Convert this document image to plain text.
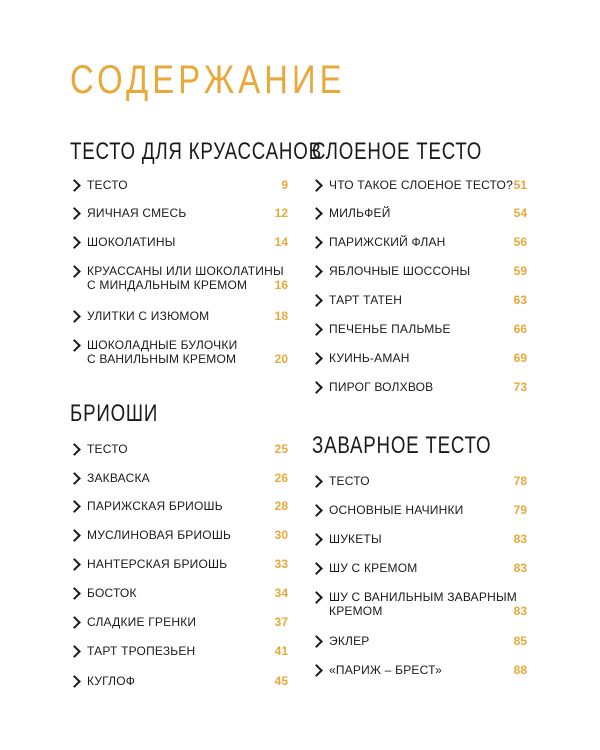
СОДЕРЖАНИЕ
ТЕСТО ДЛЯ КРУАССАНОВ
ТЕСТО	9
ЯИЧНАЯ СМЕСЬ	12
ШОКОЛАТИНЫ	14
КРУАССАНЫ ИЛИ ШОКОЛАТИНЫ
С МИНДАЛЬНЫМ КРЕМОМ	16
УЛИТКИ С ИЗЮМОМ	18
ШОКОЛАДНЫЕ БУЛОЧКИ
С ВАНИЛЬНЫМ КРЕМОМ	20
БРИОШИ
ТЕСТО	25
ЗАКВАСКА	26
ПАРИЖСКАЯ БРИОШЬ	28
МУСЛИНОВАЯ БРИОШЬ	30
НАНТЕРСКАЯ БРИОШЬ	33
БОСТОК	34
СЛАДКИЕ ГРЕНКИ	37
ТАРТ ТРОПЕЗЬЕН	41
КУГЛОФ	45
СЛОЕНОЕ ТЕСТО
ЧТО ТАКОЕ СЛОЕНОЕ ТЕСТО? 51
МИЛЬФЕЙ	54
ПАРИЖСКИЙ ФЛАН	56
ЯБЛОЧНЫЕ ШОССОНЫ	59
ТАРТ ТАТЕН	63
ПЕЧЕНЬЕ ПАЛЬМЬЕ	66
КУИНЬ-АМАН	69
ПИРОГ ВОЛХВОВ	73
ЗАВАРНОЕ ТЕСТО
ТЕСТО	78
ОСНОВНЫЕ НАЧИНКИ	79
ШУКЕТЫ	83
ШУ С КРЕМОМ	83
ШУ С ВАНИЛЬНЫМ ЗАВАРНЫМ
КРЕМОМ	83
ЭКЛЕР	85
«ПАРИЖ – БРЕСТ»	88
